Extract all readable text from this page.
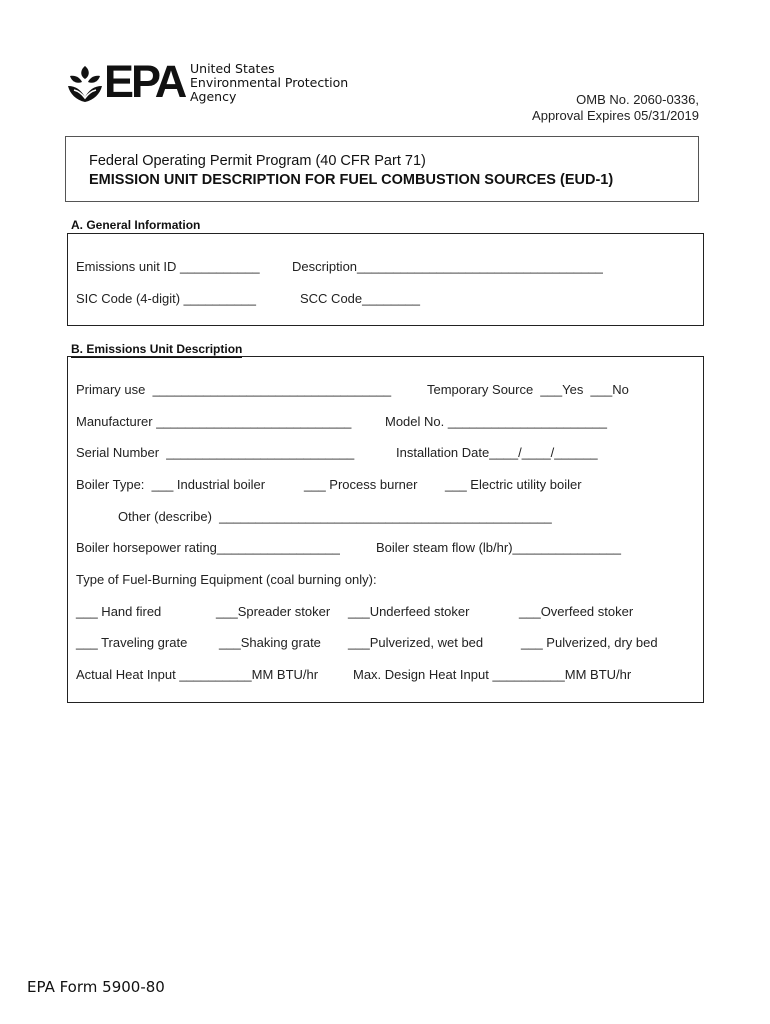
EPA United States
Environmental Protection
Agency	OMB No. 2060-0336,
Approval Expires 05/31/2019
Federal Operating Permit Program (40 CFR Part 71)
EMISSION UNIT DESCRIPTION FOR FUEL COMBUSTION SOURCES (EUD-1)
A. General Information
Emissions unit ID ___________ Description__________________________________
SIC Code (4-digit) __________	SCC Code________
B. Emissions Unit Description
Primary use  _________________________________	Temporary Source  ___Yes  ___No
Manufacturer ___________________________	Model No. ______________________
Serial Number  __________________________	Installation Date____/____/______
Boiler Type:  ___ Industrial boiler	___ Process burner ___ Electric utility boiler
Other (describe)  ______________________________________________
Boiler horsepower rating_________________	Boiler steam flow (lb/hr)_______________
Type of Fuel-Burning Equipment (coal burning only):
___ Hand fired	___Spreader stoker ___Underfeed stoker	___Overfeed stoker
___ Traveling grate ___Shaking grate ___Pulverized, wet bed	___ Pulverized, dry bed
Actual Heat Input __________MM BTU/hr	Max. Design Heat Input __________MM BTU/hr
EPA Form 5900-80
